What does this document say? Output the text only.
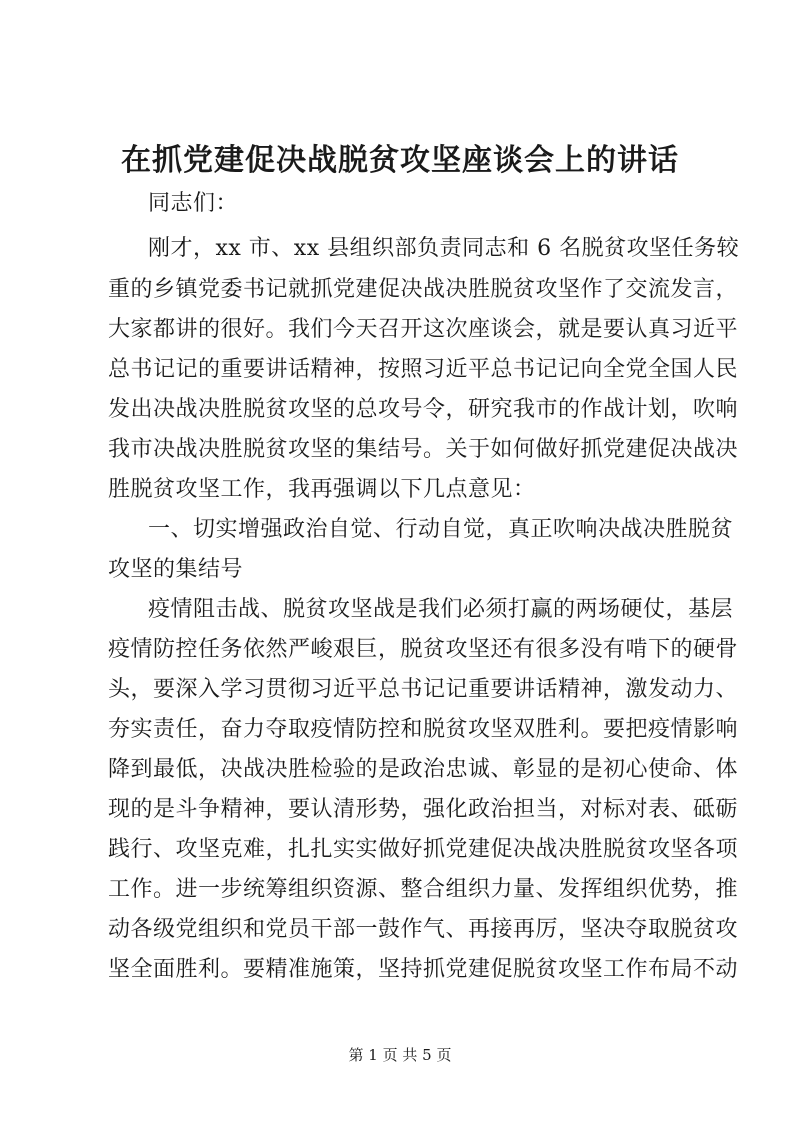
在抓党建促决战脱贫攻坚座谈会上的讲话
同志们：
刚才，xx 市、xx 县组织部负责同志和 6 名脱贫攻坚任务较
重的乡镇党委书记就抓党建促决战决胜脱贫攻坚作了交流发言，
大家都讲的很好。我们今天召开这次座谈会，就是要认真习近平
总书记记的重要讲话精神，按照习近平总书记记向全党全国人民
发出决战决胜脱贫攻坚的总攻号令，研究我市的作战计划，吹响
我市决战决胜脱贫攻坚的集结号。关于如何做好抓党建促决战决
胜脱贫攻坚工作，我再强调以下几点意见：
一、切实增强政治自觉、行动自觉，真正吹响决战决胜脱贫
攻坚的集结号
疫情阻击战、脱贫攻坚战是我们必须打赢的两场硬仗，基层
疫情防控任务依然严峻艰巨，脱贫攻坚还有很多没有啃下的硬骨
头，要深入学习贯彻习近平总书记记重要讲话精神，激发动力、
夯实责任，奋力夺取疫情防控和脱贫攻坚双胜利。要把疫情影响
降到最低，决战决胜检验的是政治忠诚、彰显的是初心使命、体
现的是斗争精神，要认清形势，强化政治担当，对标对表、砥砺
践行、攻坚克难，扎扎实实做好抓党建促决战决胜脱贫攻坚各项
工作。进一步统筹组织资源、整合组织力量、发挥组织优势，推
动各级党组织和党员干部一鼓作气、再接再厉，坚决夺取脱贫攻
坚全面胜利。要精准施策，坚持抓党建促脱贫攻坚工作布局不动
第 1 页 共 5 页
